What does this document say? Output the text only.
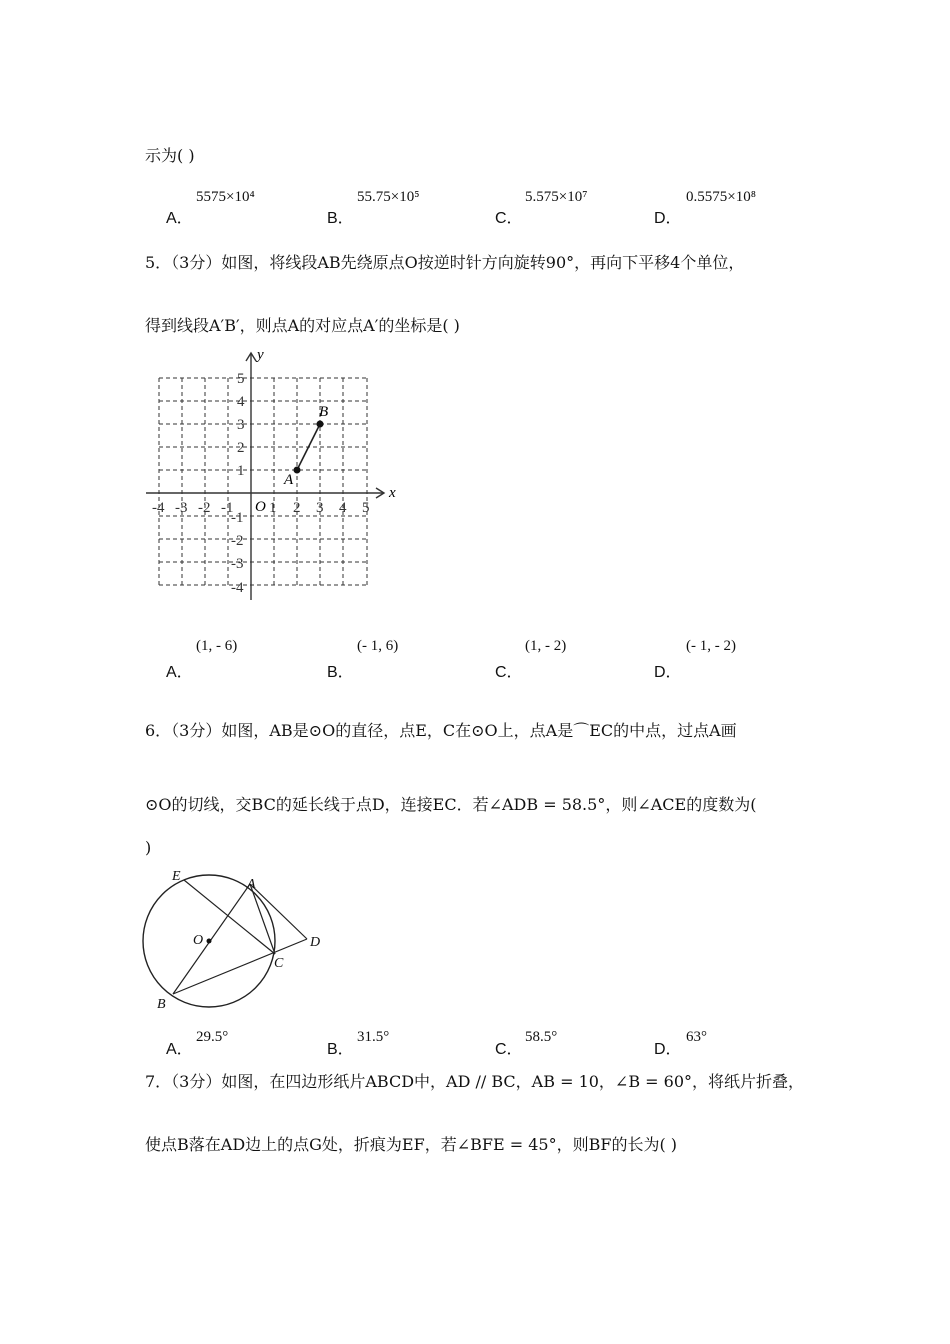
示为( )
A．
5575×10⁴
B．
55.75×10⁵
C．
5.575×10⁷
D．
0.5575×10⁸
5．（3分）如图，将线段AB先绕原点O按逆时针方向旋转90°，再向下平移4个单位，
得到线段A′B′，则点A的对应点A′的坐标是( )
x
y
O
-4 -3 -2 -1 1 2 3 4 5
5
4
3
2
1
-1
-2
-3
-4
A
B
A．
(1, - 6)
B．
(- 1, 6)
C．
(1, - 2)
D．
(- 1, - 2)
6．（3分）如图，AB是⊙O的直径，点E，C在⊙O上，点A是⌒EC的中点，过点A画
⊙O的切线，交BC的延长线于点D，连接EC．若∠ADB = 58.5°，则∠ACE的度数为(
)
E
A
O	D
C
B
A．
29.5°
B．
31.5°
C．
58.5°
D．
63°
7．（3分）如图，在四边形纸片ABCD中，AD // BC，AB = 10，∠B = 60°，将纸片折叠，
使点B落在AD边上的点G处，折痕为EF，若∠BFE = 45°，则BF的长为( )
